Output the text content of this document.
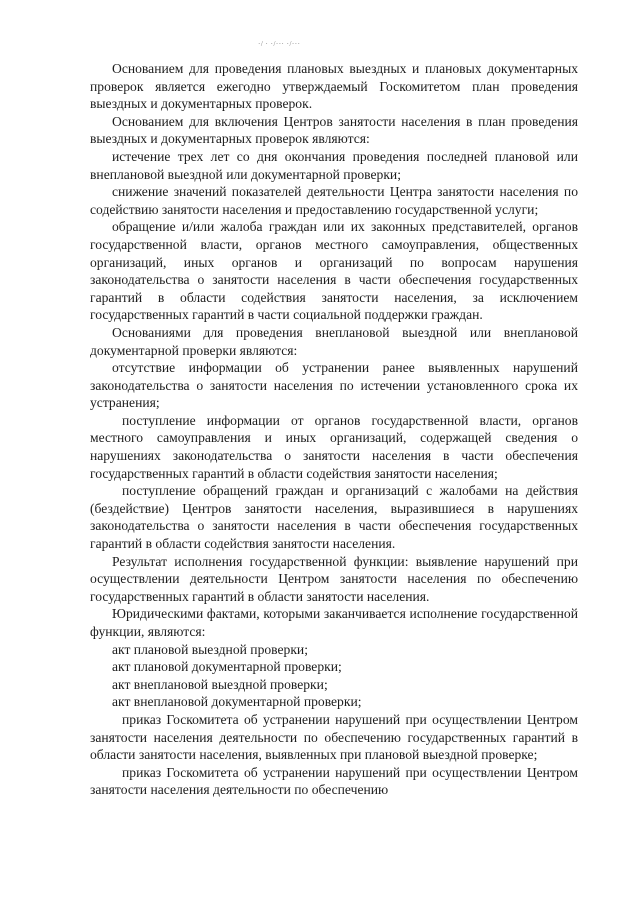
·/ · ·/··· ·/···

Основанием для проведения плановых выездных и плановых документарных проверок является ежегодно утверждаемый Госкомитетом план проведения выездных и документарных проверок.

Основанием для включения Центров занятости населения в план проведения выездных и документарных проверок являются:

истечение трех лет со дня окончания проведения последней плановой или внеплановой выездной или документарной проверки;

снижение значений показателей деятельности Центра занятости населения по содействию занятости населения и предоставлению государственной услуги;

обращение и/или жалоба граждан или их законных представителей, органов государственной власти, органов местного самоуправления, общественных организаций, иных органов и организаций по вопросам нарушения законодательства о занятости населения в части обеспечения государственных гарантий в области содействия занятости населения, за исключением государственных гарантий в части социальной поддержки граждан.

Основаниями для проведения внеплановой выездной или внеплановой документарной проверки являются:

отсутствие информации об устранении ранее выявленных нарушений законодательства о занятости населения по истечении установленного срока их устранения;

поступление информации от органов государственной власти, органов местного самоуправления и иных организаций, содержащей сведения о нарушениях законодательства о занятости населения в части обеспечения государственных гарантий в области содействия занятости населения;

поступление обращений граждан и организаций с жалобами на действия (бездействие) Центров занятости населения, выразившиеся в нарушениях законодательства о занятости населения в части обеспечения государственных гарантий в области содействия занятости населения.

Результат исполнения государственной функции: выявление нарушений при осуществлении деятельности Центром занятости населения по обеспечению государственных гарантий в области занятости населения.

Юридическими фактами, которыми заканчивается исполнение государственной функции, являются:

акт плановой выездной проверки;

акт плановой документарной проверки;

акт внеплановой выездной проверки;

акт внеплановой документарной проверки;

приказ Госкомитета об устранении нарушений при осуществлении Центром занятости населения деятельности по обеспечению государственных гарантий в области занятости населения, выявленных при плановой выездной проверке;

приказ Госкомитета об устранении нарушений при осуществлении Центром занятости населения деятельности по обеспечению
